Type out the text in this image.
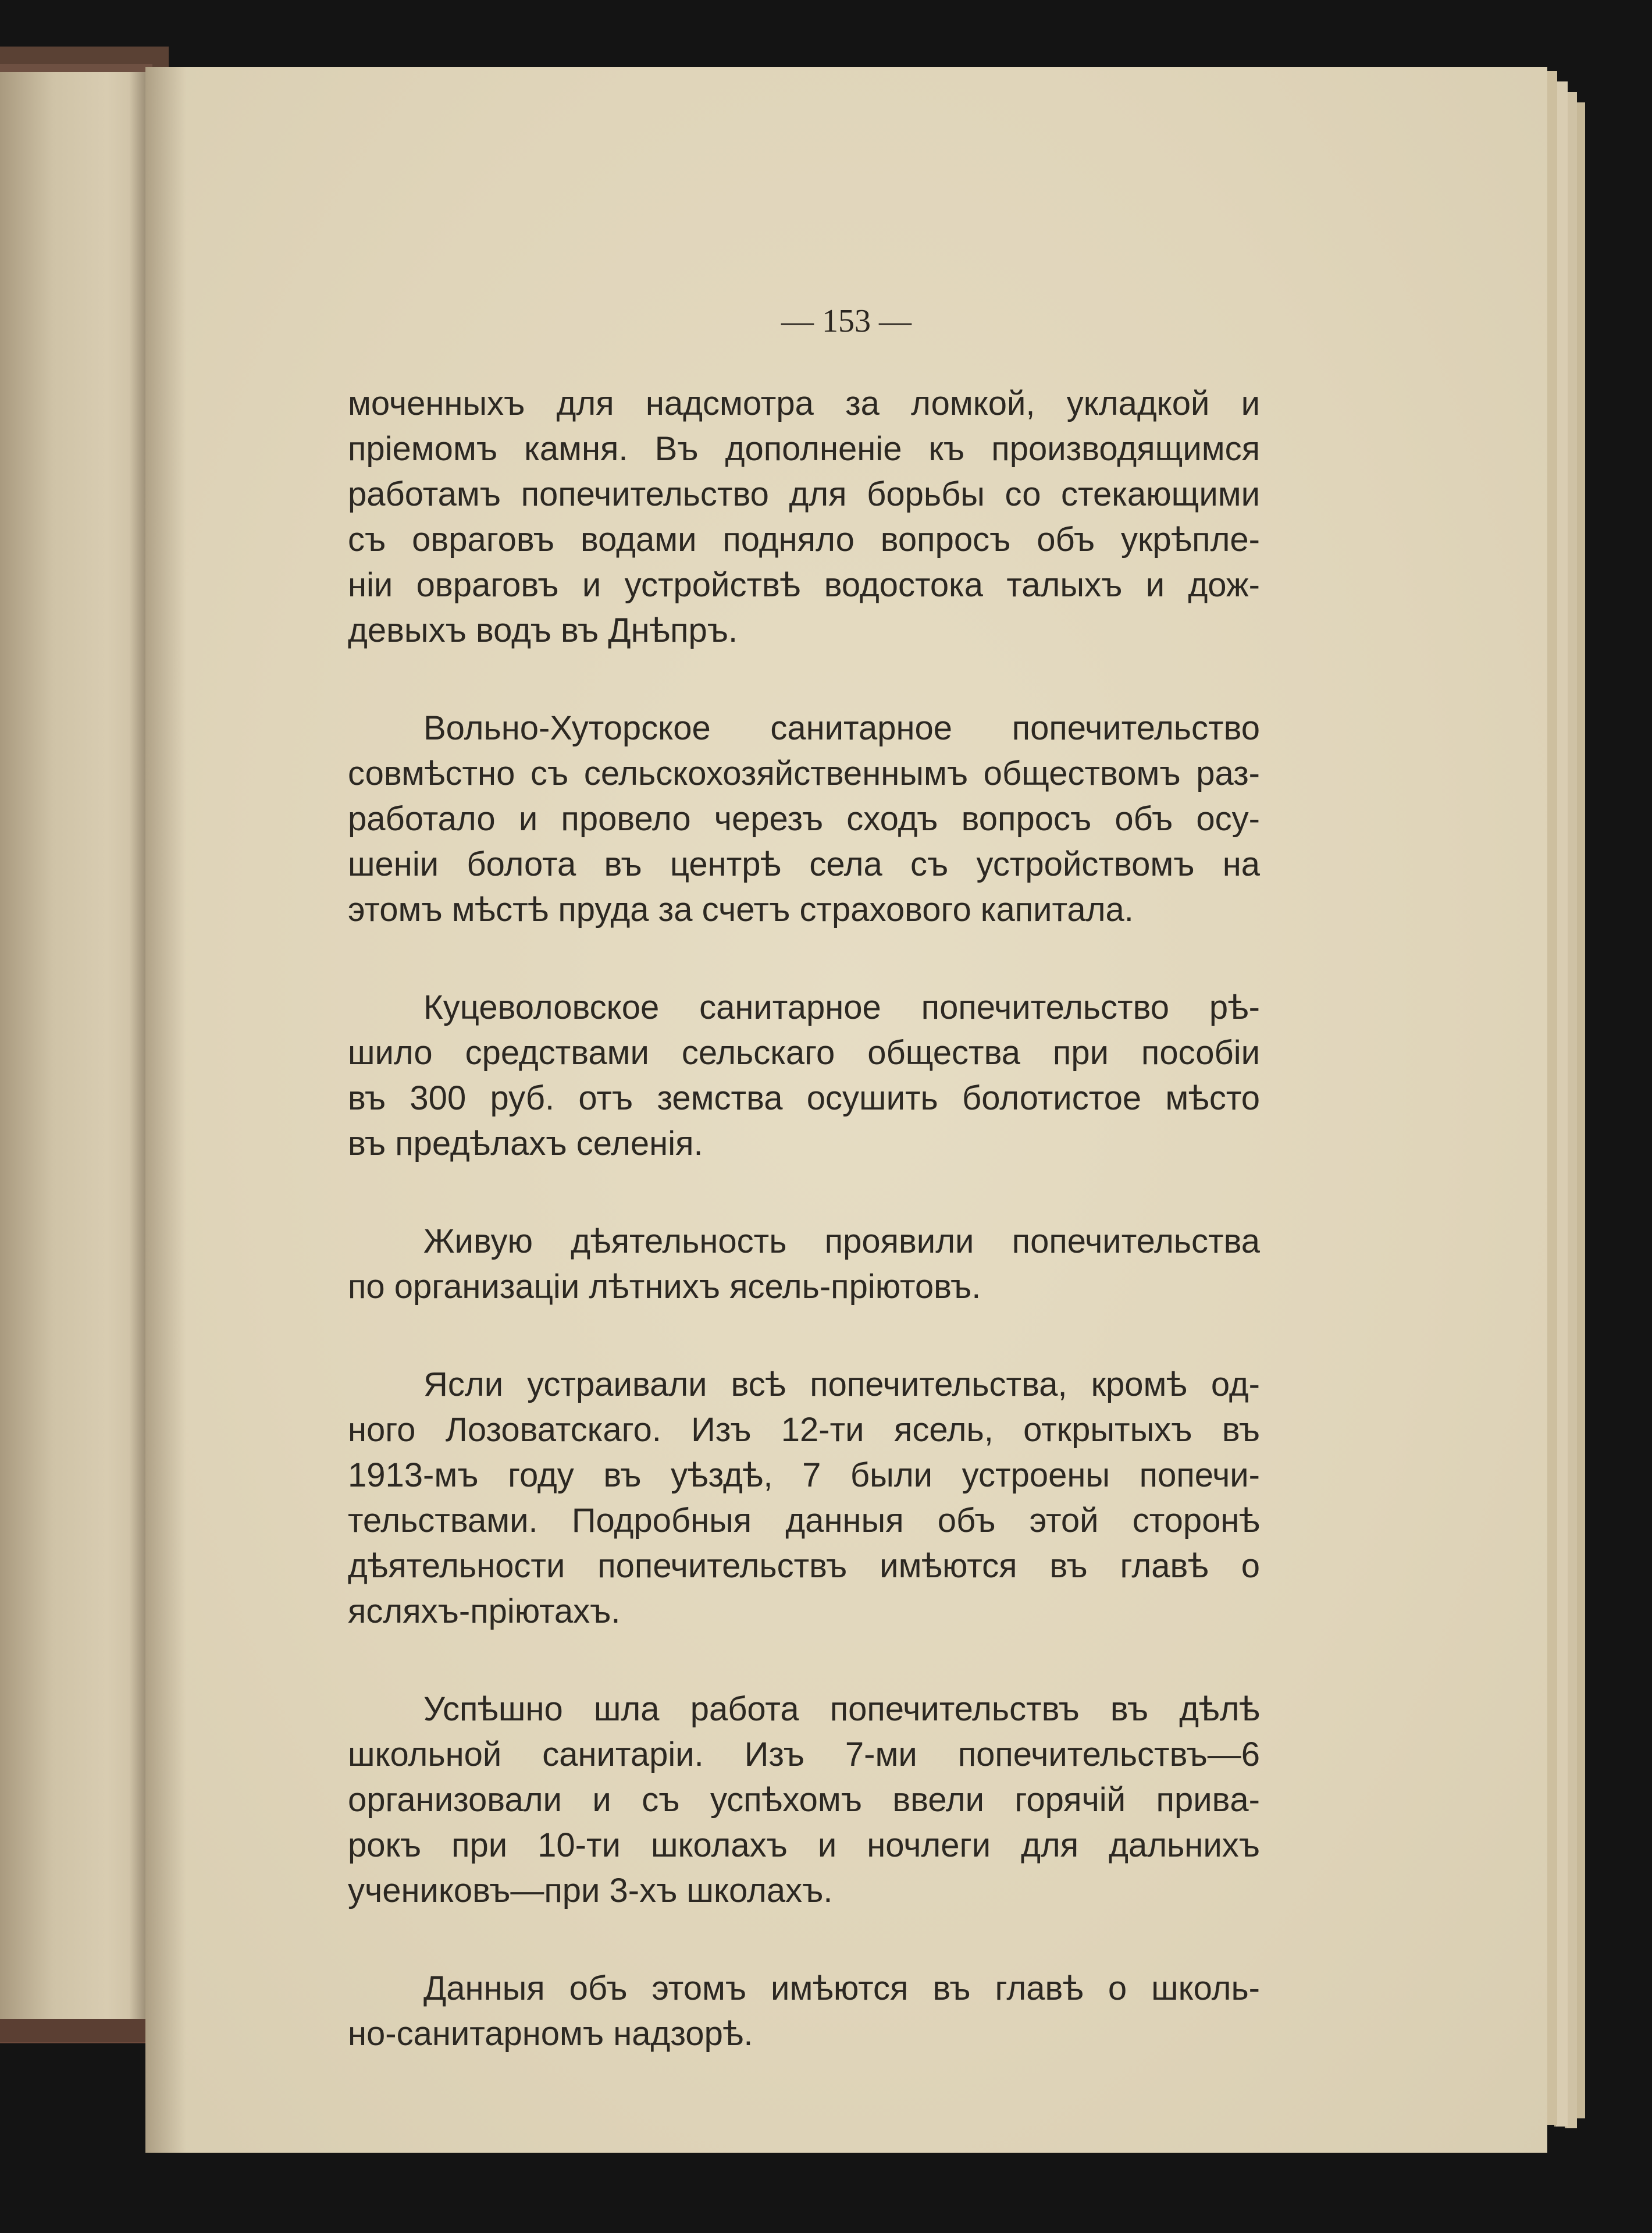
— 153 —
моченныхъ для надсмотра за ломкой, укладкой и
пріемомъ камня. Въ дополненіе къ производящимся
работамъ попечительство для борьбы со стекающими
съ овраговъ водами подняло вопросъ объ укрѣпле-
ніи овраговъ и устройствѣ водостока талыхъ и дож-
девыхъ водъ въ Днѣпръ.
Вольно-Хуторское санитарное попечительство
совмѣстно съ сельскохозяйственнымъ обществомъ раз-
работало и провело черезъ сходъ вопросъ объ осу-
шеніи болота въ центрѣ села съ устройствомъ на
этомъ мѣстѣ пруда за счетъ страхового капитала.
Куцеволовское санитарное попечительство рѣ-
шило средствами сельскаго общества при пособіи
въ 300 руб. отъ земства осушить болотистое мѣсто
въ предѣлахъ селенія.
Живую дѣятельность проявили попечительства
по организаціи лѣтнихъ ясель-пріютовъ.
Ясли устраивали всѣ попечительства, кромѣ од-
ного Лозоватскаго. Изъ 12-ти ясель, открытыхъ въ
1913-мъ году въ уѣздѣ, 7 были устроены попечи-
тельствами. Подробныя данныя объ этой сторонѣ
дѣятельности попечительствъ имѣются въ главѣ о
ясляхъ-пріютахъ.
Успѣшно шла работа попечительствъ въ дѣлѣ
школьной санитаріи. Изъ 7-ми попечительствъ—6
организовали и съ успѣхомъ ввели горячій привa-
рокъ при 10-ти школахъ и ночлеги для дальнихъ
учениковъ—при 3-хъ школахъ.
Данныя объ этомъ имѣются въ главѣ о школь-
но-санитарномъ надзорѣ.
